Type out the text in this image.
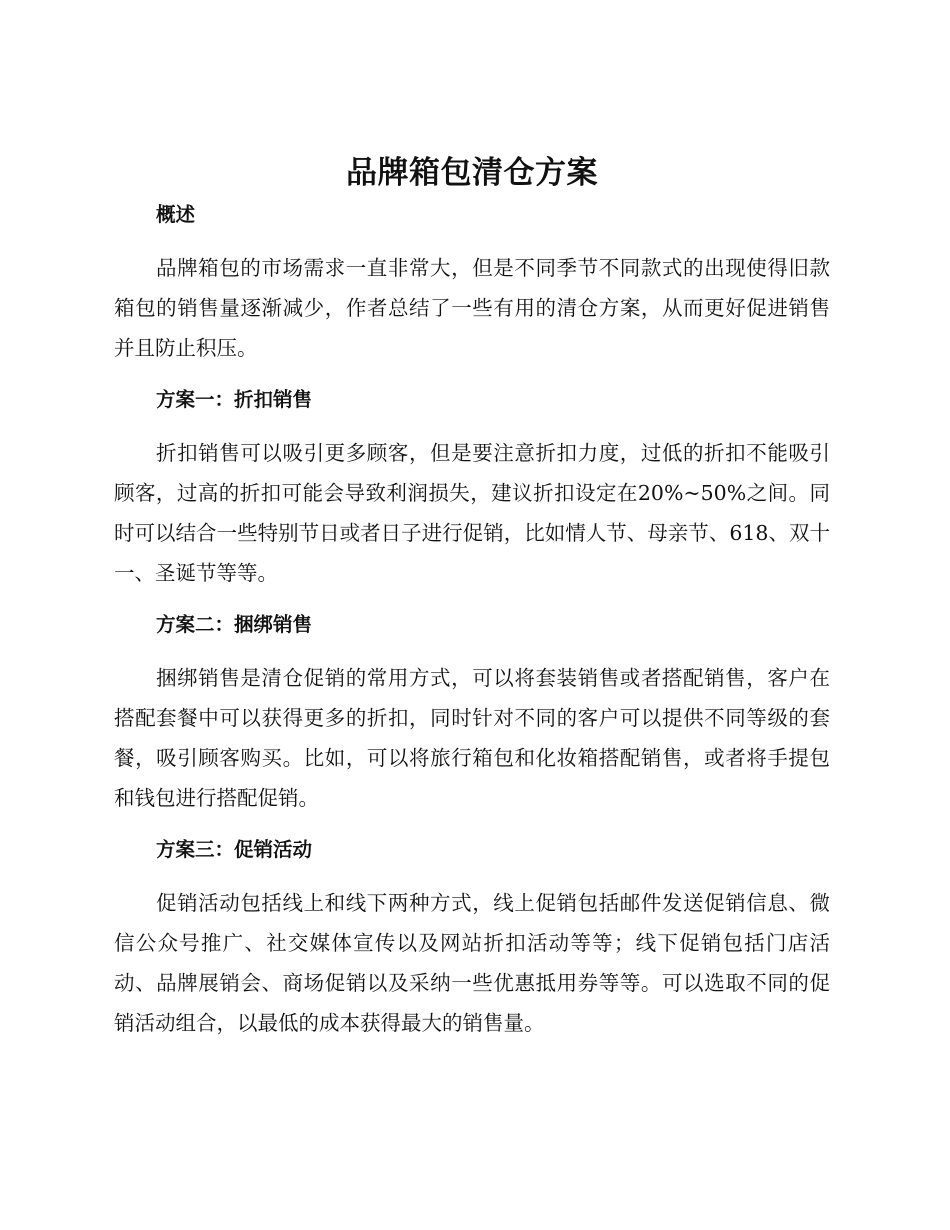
品牌箱包清仓方案
概述

品牌箱包的市场需求一直非常大，但是不同季节不同款式的出现使得旧款箱包的销售量逐渐减少，作者总结了一些有用的清仓方案，从而更好促进销售并且防止积压。

方案一：折扣销售

折扣销售可以吸引更多顾客，但是要注意折扣力度，过低的折扣不能吸引顾客，过高的折扣可能会导致利润损失，建议折扣设定在20%~50%之间。同时可以结合一些特别节日或者日子进行促销，比如情人节、母亲节、618、双十一、圣诞节等等。

方案二：捆绑销售

捆绑销售是清仓促销的常用方式，可以将套装销售或者搭配销售，客户在搭配套餐中可以获得更多的折扣，同时针对不同的客户可以提供不同等级的套餐，吸引顾客购买。比如，可以将旅行箱包和化妆箱搭配销售，或者将手提包和钱包进行搭配促销。

方案三：促销活动

促销活动包括线上和线下两种方式，线上促销包括邮件发送促销信息、微信公众号推广、社交媒体宣传以及网站折扣活动等等；线下促销包括门店活动、品牌展销会、商场促销以及采纳一些优惠抵用券等等。可以选取不同的促销活动组合，以最低的成本获得最大的销售量。
